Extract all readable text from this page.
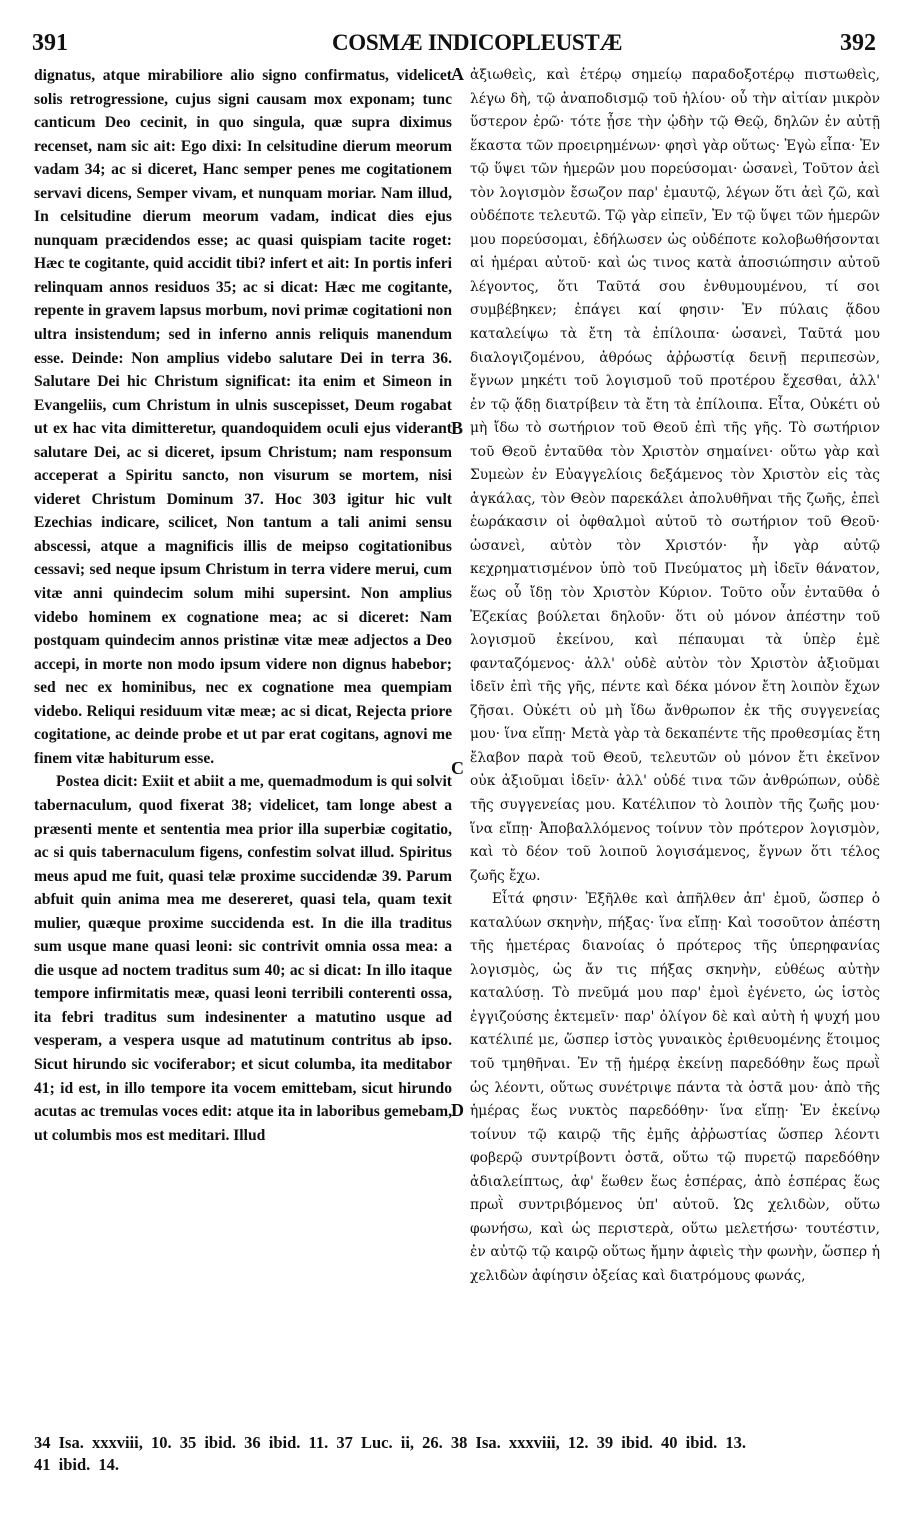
391	COSMÆ INDICOPLEUSTÆ	392

dignatus, atque mirabiliore alio signo confirmatus, videlicet solis retrogressione, cujus signi causam mox exponam; tunc canticum Deo cecinit, in quo singula, quæ supra diximus recenset, nam sic ait: Ego dixi: In celsitudine dierum meorum vadam 34; ac si diceret, Hanc semper penes me cogitationem servavi dicens, Semper vivam, et nunquam moriar. Nam illud, In celsitudine dierum meorum vadam, indicat dies ejus nunquam præcidendos esse; ac quasi quispiam tacite roget: Hæc te cogitante, quid accidit tibi? infert et ait: In portis inferi relinquam annos residuos 35; ac si dicat: Hæc me cogitante, repente in gravem lapsus morbum, novi primæ cogitationi non ultra insistendum; sed in inferno annis reliquis manendum esse. Deinde: Non amplius videbo salutare Dei in terra 36. Salutare Dei hic Christum significat: ita enim et Simeon in Evangeliis, cum Christum in ulnis suscepisset, Deum rogabat ut ex hac vita dimitteretur, quandoquidem oculi ejus viderant salutare Dei, ac si diceret, ipsum Christum; nam responsum acceperat a Spiritu sancto, non visurum se mortem, nisi videret Christum Dominum 37. Hoc 303 igitur hic vult Ezechias indicare, scilicet, Non tantum a tali animi sensu abscessi, atque a magnificis illis de meipso cogitationibus cessavi; sed neque ipsum Christum in terra videre merui, cum vitæ anni quindecim solum mihi supersint. Non amplius videbo hominem ex cognatione mea; ac si diceret: Nam postquam quindecim annos pristinæ vitæ meæ adjectos a Deo accepi, in morte non modo ipsum videre non dignus habebor; sed nec ex hominibus, nec ex cognatione mea quempiam videbo. Reliqui residuum vitæ meæ; ac si dicat, Rejecta priore cogitatione, ac deinde probe et ut par erat cogitans, agnovi me finem vitæ habiturum esse.

Postea dicit: Exiit et abiit a me, quemadmodum is qui solvit tabernaculum, quod fixerat 38; videlicet, tam longe abest a præsenti mente et sententia mea prior illa superbiæ cogitatio, ac si quis tabernaculum figens, confestim solvat illud. Spiritus meus apud me fuit, quasi telæ proxime succidendæ 39. Parum abfuit quin anima mea me desereret, quasi tela, quam texit mulier, quæque proxime succidenda est. In die illa traditus sum usque mane quasi leoni: sic contrivit omnia ossa mea: a die usque ad noctem traditus sum 40; ac si dicat: In illo itaque tempore infirmitatis meæ, quasi leoni terribili conterenti ossa, ita febri traditus sum indesinenter a matutino usque ad vesperam, a vespera usque ad matutinum contritus ab ipso. Sicut hirundo sic vociferabor; et sicut columba, ita meditabor 41; id est, in illo tempore ita vocem emittebam, sicut hirundo acutas ac tremulas voces edit: atque ita in laboribus gemebam, ut columbis mos est meditari. Illud

A
B
C
D

ἀξιωθεὶς, καὶ ἑτέρῳ σημείῳ παραδοξοτέρῳ πιστωθεὶς, λέγω δὴ, τῷ ἀναποδισμῷ τοῦ ἡλίου· οὗ τὴν αἰτίαν μικρὸν ὕστερον ἐρῶ· τότε ᾖσε τὴν ᾠδὴν τῷ Θεῷ, δηλῶν ἐν αὐτῇ ἕκαστα τῶν προειρημένων· φησὶ γὰρ οὕτως· Ἐγὼ εἶπα· Ἐν τῷ ὕψει τῶν ἡμερῶν μου πορεύσομαι· ὡσανεὶ, Τοῦτον ἀεὶ τὸν λογισμὸν ἔσωζον παρ' ἐμαυτῷ, λέγων ὅτι ἀεὶ ζῶ, καὶ οὐδέποτε τελευτῶ. Τῷ γὰρ εἰπεῖν, Ἐν τῷ ὕψει τῶν ἡμερῶν μου πορεύσομαι, ἐδήλωσεν ὡς οὐδέποτε κολοβωθήσονται αἱ ἡμέραι αὐτοῦ· καὶ ὡς τινος κατὰ ἀποσιώπησιν αὐτοῦ λέγοντος, ὅτι Ταῦτά σου ἐνθυμουμένου, τί σοι συμβέβηκεν; ἐπάγει καί φησιν· Ἐν πύλαις ᾅδου καταλείψω τὰ ἔτη τὰ ἐπίλοιπα· ὡσανεὶ, Ταῦτά μου διαλογιζομένου, ἀθρόως ἀῤῥωστίᾳ δεινῇ περιπεσὼν, ἔγνων μηκέτι τοῦ λογισμοῦ τοῦ προτέρου ἔχεσθαι, ἀλλ' ἐν τῷ ᾅδῃ διατρίβειν τὰ ἔτη τὰ ἐπίλοιπα. Εἶτα, Οὐκέτι οὐ μὴ ἴδω τὸ σωτήριον τοῦ Θεοῦ ἐπὶ τῆς γῆς. Τὸ σωτήριον τοῦ Θεοῦ ἐνταῦθα τὸν Χριστὸν σημαίνει· οὕτω γὰρ καὶ Συμεὼν ἐν Εὐαγγελίοις δεξάμενος τὸν Χριστὸν εἰς τὰς ἀγκάλας, τὸν Θεὸν παρεκάλει ἀπολυθῆναι τῆς ζωῆς, ἐπεὶ ἑωράκασιν οἱ ὀφθαλμοὶ αὐτοῦ τὸ σωτήριον τοῦ Θεοῦ· ὡσανεὶ, αὐτὸν τὸν Χριστόν· ἦν γὰρ αὐτῷ κεχρηματισμένον ὑπὸ τοῦ Πνεύματος μὴ ἰδεῖν θάνατον, ἕως οὗ ἴδῃ τὸν Χριστὸν Κύριον. Τοῦτο οὖν ἐνταῦθα ὁ Ἐζεκίας βούλεται δηλοῦν· ὅτι οὐ μόνον ἀπέστην τοῦ λογισμοῦ ἐκείνου, καὶ πέπαυμαι τὰ ὑπὲρ ἐμὲ φανταζόμενος· ἀλλ' οὐδὲ αὐτὸν τὸν Χριστὸν ἀξιοῦμαι ἰδεῖν ἐπὶ τῆς γῆς, πέντε καὶ δέκα μόνον ἔτη λοιπὸν ἔχων ζῆσαι. Οὐκέτι οὐ μὴ ἴδω ἄνθρωπον ἐκ τῆς συγγενείας μου· ἵνα εἴπῃ· Μετὰ γὰρ τὰ δεκαπέντε τῆς προθεσμίας ἔτη ἔλαβον παρὰ τοῦ Θεοῦ, τελευτῶν οὐ μόνον ἔτι ἐκεῖνον οὐκ ἀξιοῦμαι ἰδεῖν· ἀλλ' οὐδέ τινα τῶν ἀνθρώπων, οὐδὲ τῆς συγγενείας μου. Κατέλιπον τὸ λοιπὸν τῆς ζωῆς μου· ἵνα εἴπῃ· Ἀποβαλλόμενος τοίνυν τὸν πρότερον λογισμὸν, καὶ τὸ δέον τοῦ λοιποῦ λογισάμενος, ἔγνων ὅτι τέλος ζωῆς ἔχω.

Εἶτά φησιν· Ἐξῆλθε καὶ ἀπῆλθεν ἀπ' ἐμοῦ, ὥσπερ ὁ καταλύων σκηνὴν, πήξας· ἵνα εἴπῃ· Καὶ τοσοῦτον ἀπέστη τῆς ἡμετέρας διανοίας ὁ πρότερος τῆς ὑπερηφανίας λογισμὸς, ὡς ἄν τις πήξας σκηνὴν, εὐθέως αὐτὴν καταλύσῃ. Τὸ πνεῦμά μου παρ' ἐμοὶ ἐγένετο, ὡς ἱστὸς ἐγγιζούσης ἐκτεμεῖν· παρ' ὀλίγον δὲ καὶ αὐτὴ ἡ ψυχή μου κατέλιπέ με, ὥσπερ ἱστὸς γυναικὸς ἐριθευομένης ἕτοιμος τοῦ τμηθῆναι. Ἐν τῇ ἡμέρᾳ ἐκείνῃ παρεδόθην ἕως πρωῒ ὡς λέοντι, οὕτως συνέτριψε πάντα τὰ ὀστᾶ μου· ἀπὸ τῆς ἡμέρας ἕως νυκτὸς παρεδόθην· ἵνα εἴπῃ· Ἐν ἐκείνῳ τοίνυν τῷ καιρῷ τῆς ἐμῆς ἀῤῥωστίας ὥσπερ λέοντι φοβερῷ συντρίβοντι ὀστᾶ, οὕτω τῷ πυρετῷ παρεδόθην ἀδιαλείπτως, ἀφ' ἕωθεν ἕως ἑσπέρας, ἀπὸ ἑσπέρας ἕως πρωῒ συντριβόμενος ὑπ' αὐτοῦ. Ὡς χελιδὼν, οὕτω φωνήσω, καὶ ὡς περιστερὰ, οὕτω μελετήσω· τουτέστιν, ἐν αὐτῷ τῷ καιρῷ οὕτως ἤμην ἀφιεὶς τὴν φωνὴν, ὥσπερ ἡ χελιδὼν ἀφίησιν ὀξείας καὶ διατρόμους φωνάς,

34 Isa. xxxviii, 10. 35 ibid. 36 ibid. 11. 37 Luc. ii, 26. 38 Isa. xxxviii, 12. 39 ibid. 40 ibid. 13.
41 ibid. 14.
